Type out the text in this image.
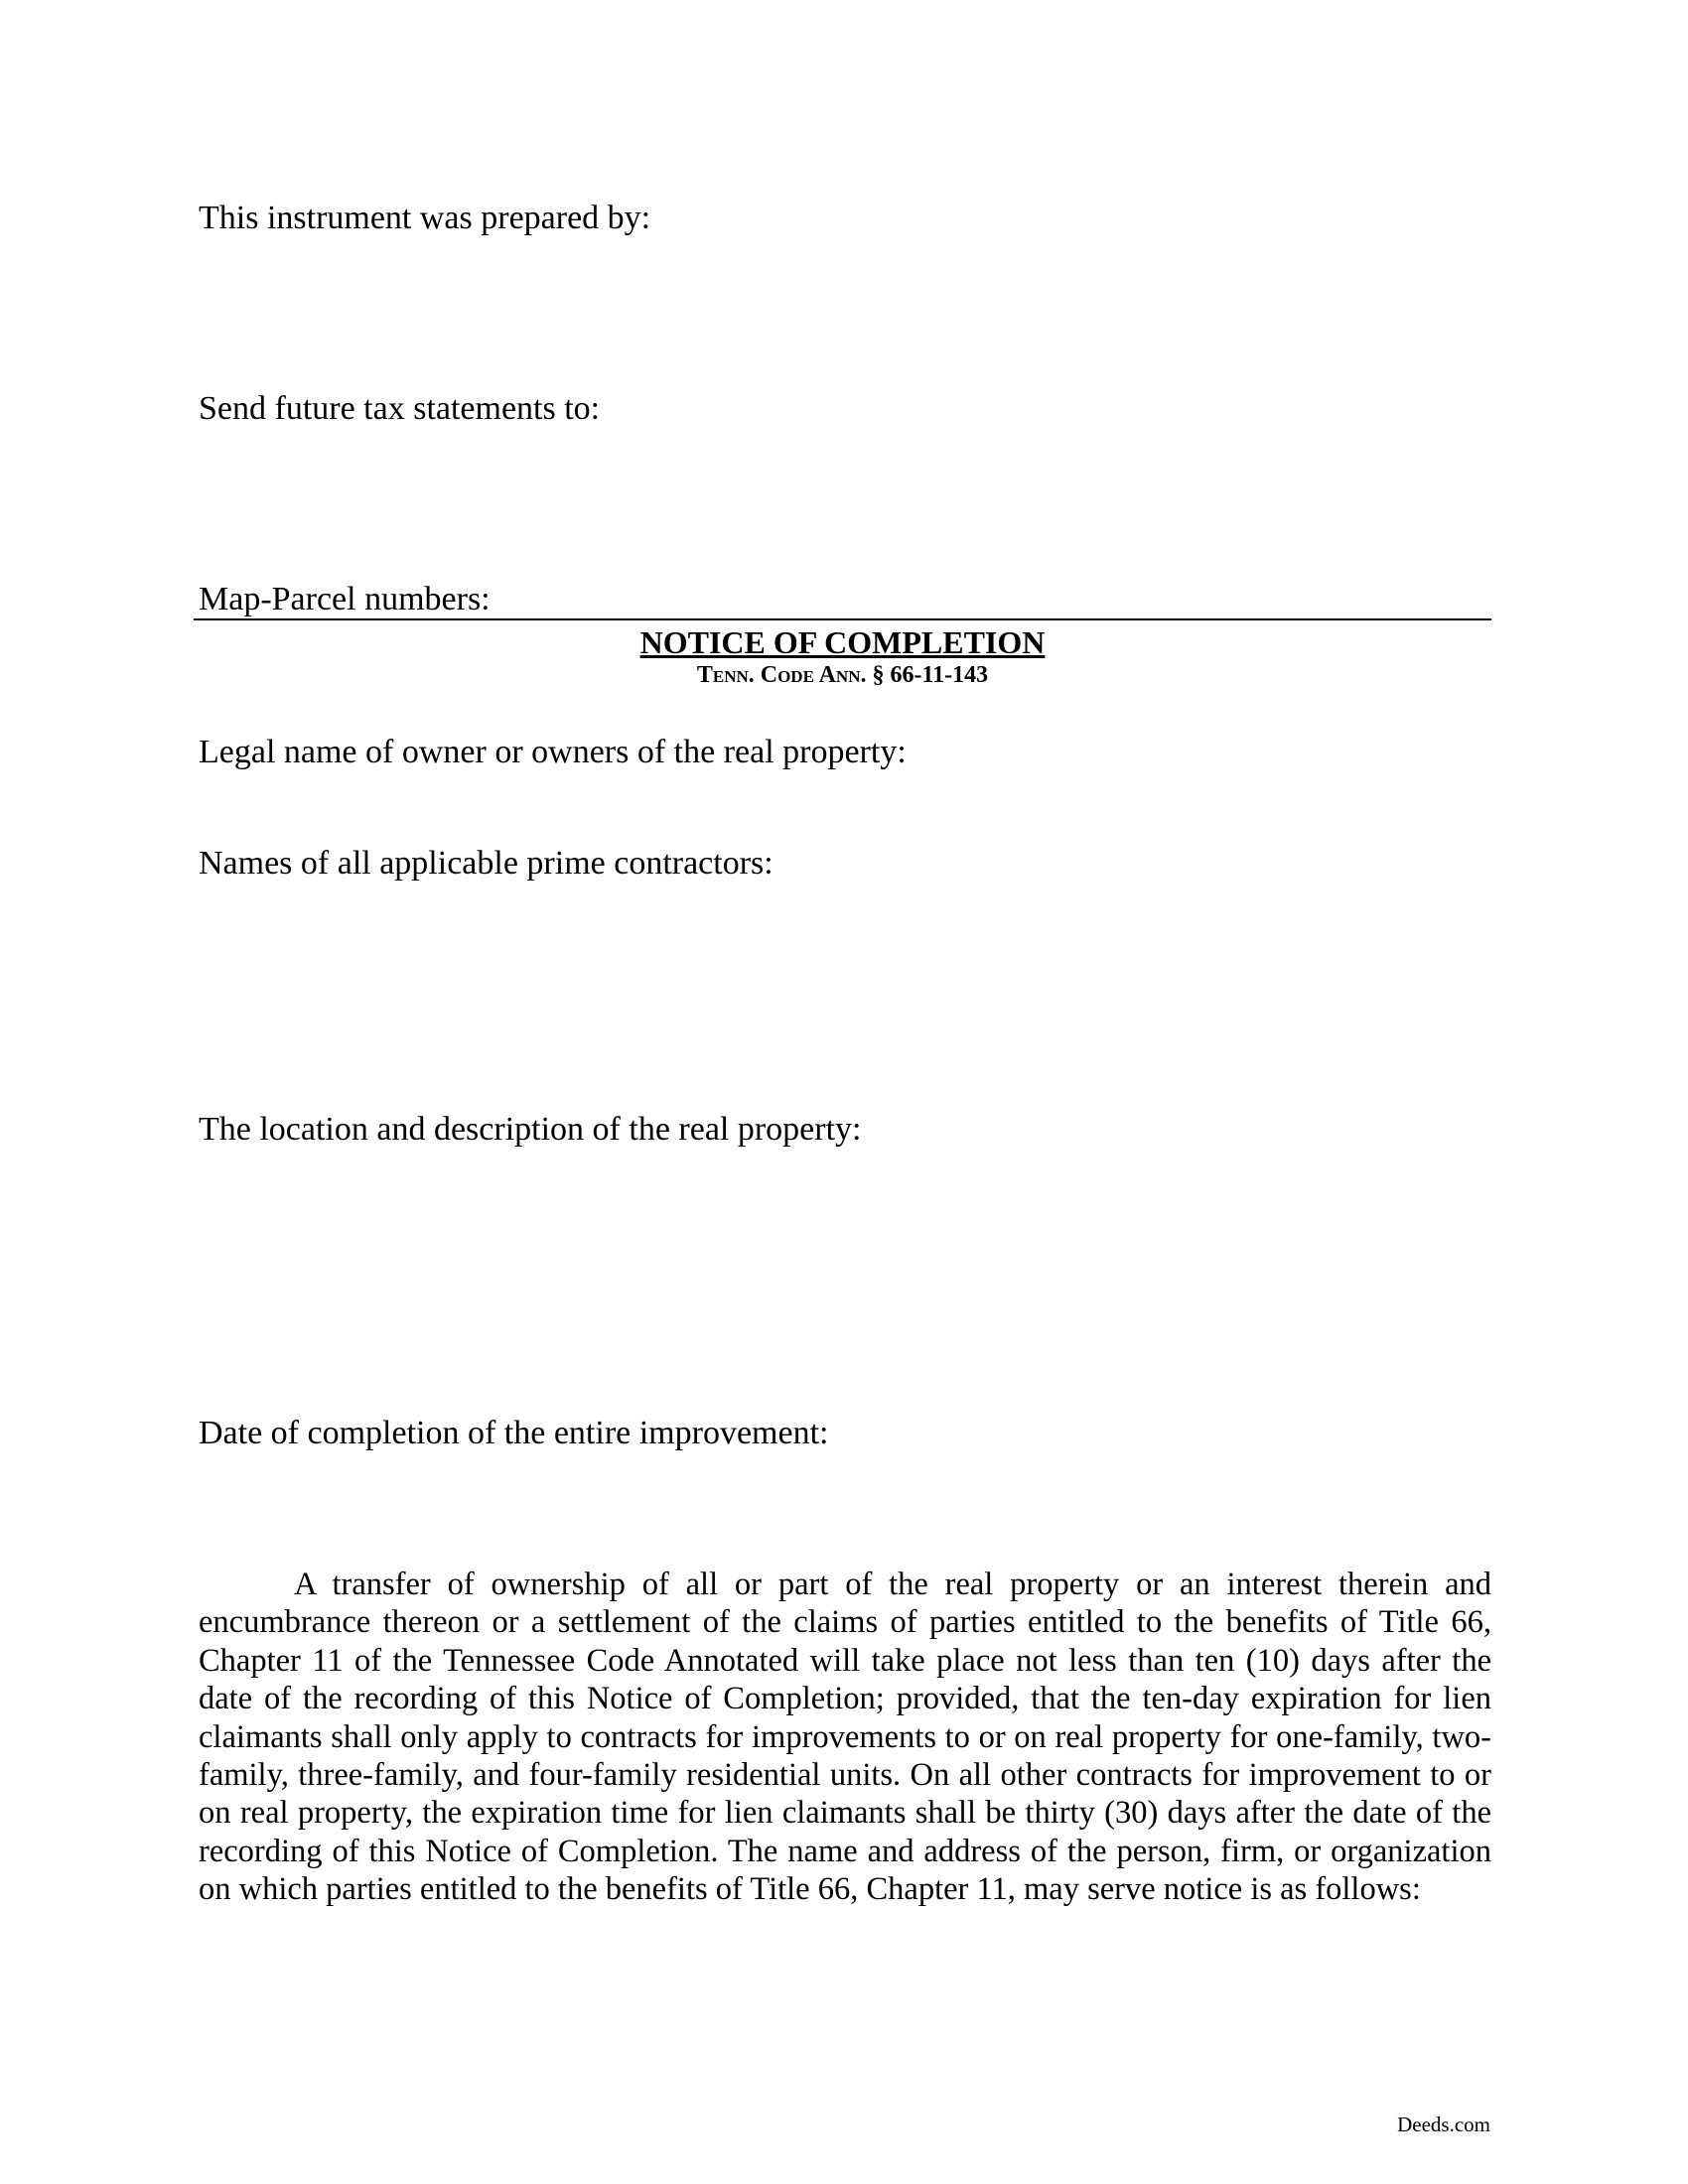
This instrument was prepared by:
Send future tax statements to:
Map-Parcel numbers:
NOTICE OF COMPLETION
Tenn. Code Ann. § 66-11-143
Legal name of owner or owners of the real property:
Names of all applicable prime contractors:
The location and description of the real property:
Date of completion of the entire improvement:
A transfer of ownership of all or part of the real property or an interest therein and encumbrance thereon or a settlement of the claims of parties entitled to the benefits of Title 66, Chapter 11 of the Tennessee Code Annotated will take place not less than ten (10) days after the date of the recording of this Notice of Completion; provided, that the ten-day expiration for lien claimants shall only apply to contracts for improvements to or on real property for one-family, two-family, three-family, and four-family residential units. On all other contracts for improvement to or on real property, the expiration time for lien claimants shall be thirty (30) days after the date of the recording of this Notice of Completion. The name and address of the person, firm, or organization on which parties entitled to the benefits of Title 66, Chapter 11, may serve notice is as follows:
Deeds.com
